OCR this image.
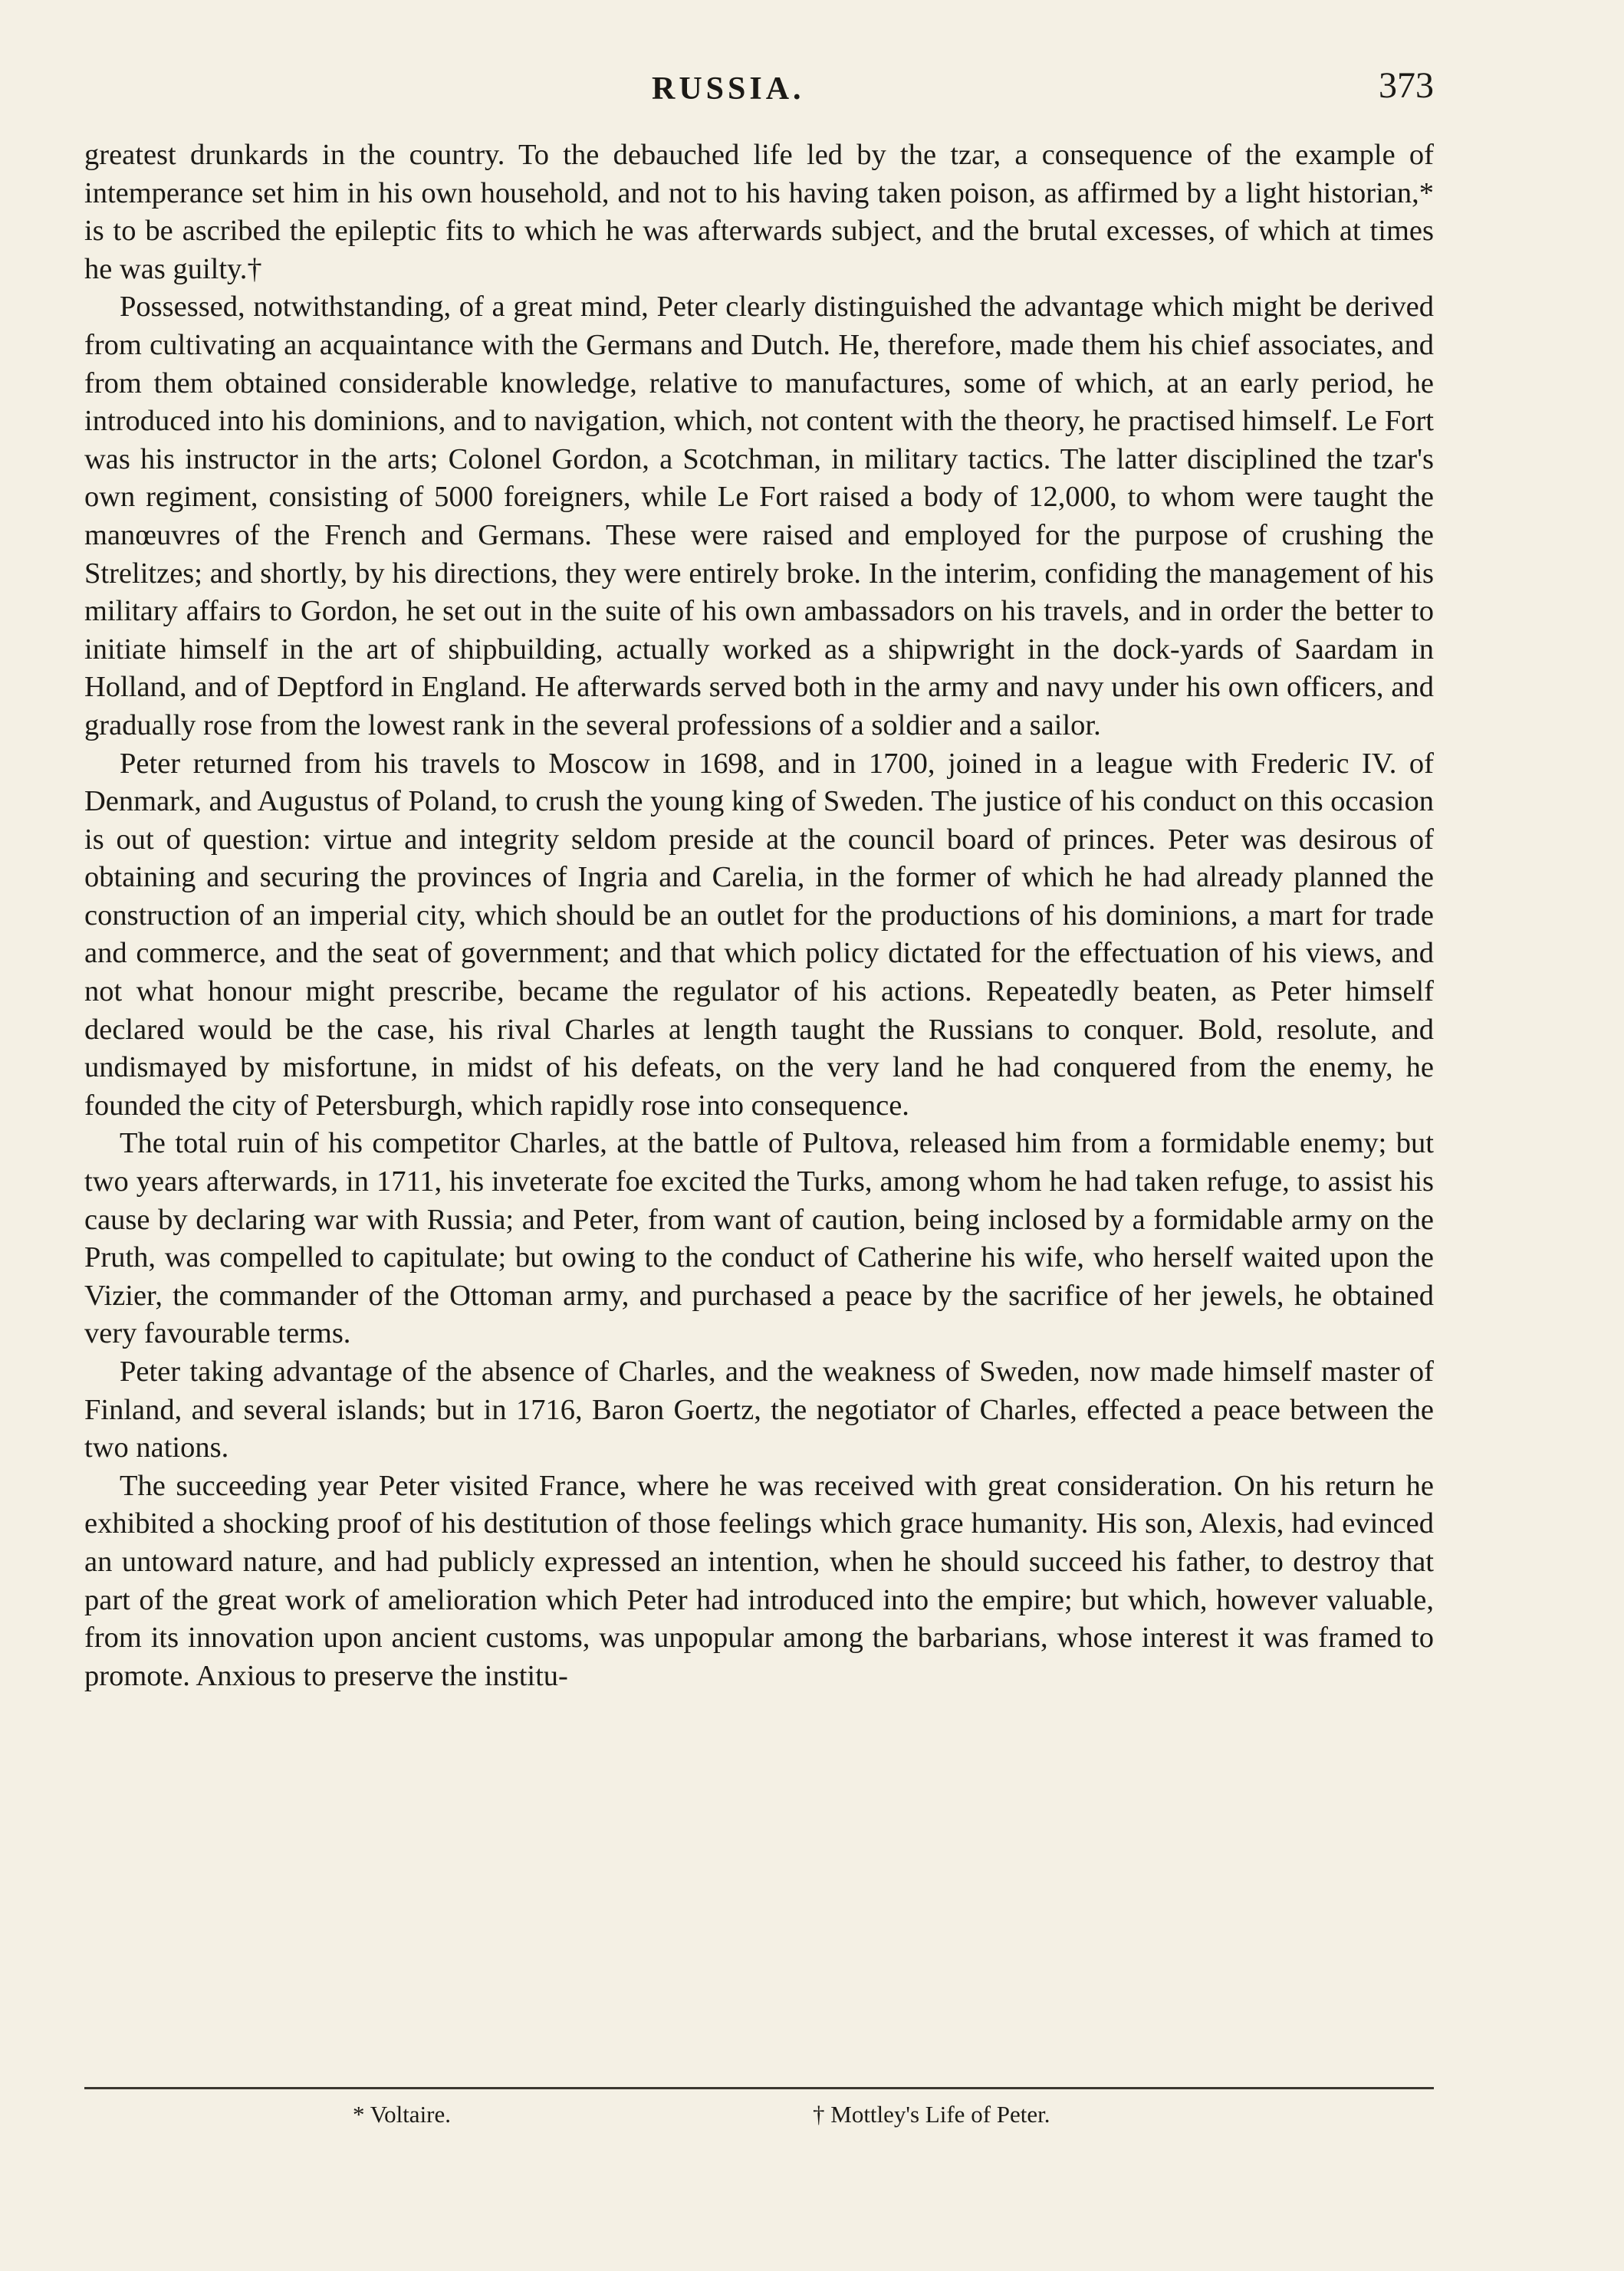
RUSSIA.	373

greatest drunkards in the country. To the debauched life led by the tzar, a consequence of the example of intemperance set him in his own household, and not to his having taken poison, as affirmed by a light historian,* is to be ascribed the epileptic fits to which he was afterwards subject, and the brutal excesses, of which at times he was guilty.†

Possessed, notwithstanding, of a great mind, Peter clearly distinguished the advantage which might be derived from cultivating an acquaintance with the Germans and Dutch. He, therefore, made them his chief associates, and from them obtained considerable knowledge, relative to manufactures, some of which, at an early period, he introduced into his dominions, and to navigation, which, not content with the theory, he practised himself. Le Fort was his instructor in the arts; Colonel Gordon, a Scotchman, in military tactics. The latter disciplined the tzar's own regiment, consisting of 5000 foreigners, while Le Fort raised a body of 12,000, to whom were taught the manœuvres of the French and Germans. These were raised and employed for the purpose of crushing the Strelitzes; and shortly, by his directions, they were entirely broke. In the interim, confiding the management of his military affairs to Gordon, he set out in the suite of his own ambassadors on his travels, and in order the better to initiate himself in the art of shipbuilding, actually worked as a shipwright in the dock-yards of Saardam in Holland, and of Deptford in England. He afterwards served both in the army and navy under his own officers, and gradually rose from the lowest rank in the several professions of a soldier and a sailor.

Peter returned from his travels to Moscow in 1698, and in 1700, joined in a league with Frederic IV. of Denmark, and Augustus of Poland, to crush the young king of Sweden. The justice of his conduct on this occasion is out of question: virtue and integrity seldom preside at the council board of princes. Peter was desirous of obtaining and securing the provinces of Ingria and Carelia, in the former of which he had already planned the construction of an imperial city, which should be an outlet for the productions of his dominions, a mart for trade and commerce, and the seat of government; and that which policy dictated for the effectuation of his views, and not what honour might prescribe, became the regulator of his actions. Repeatedly beaten, as Peter himself declared would be the case, his rival Charles at length taught the Russians to conquer. Bold, resolute, and undismayed by misfortune, in midst of his defeats, on the very land he had conquered from the enemy, he founded the city of Petersburgh, which rapidly rose into consequence.

The total ruin of his competitor Charles, at the battle of Pultova, released him from a formidable enemy; but two years afterwards, in 1711, his inveterate foe excited the Turks, among whom he had taken refuge, to assist his cause by declaring war with Russia; and Peter, from want of caution, being inclosed by a formidable army on the Pruth, was compelled to capitulate; but owing to the conduct of Catherine his wife, who herself waited upon the Vizier, the commander of the Ottoman army, and purchased a peace by the sacrifice of her jewels, he obtained very favourable terms.

Peter taking advantage of the absence of Charles, and the weakness of Sweden, now made himself master of Finland, and several islands; but in 1716, Baron Goertz, the negotiator of Charles, effected a peace between the two nations.

The succeeding year Peter visited France, where he was received with great consideration. On his return he exhibited a shocking proof of his destitution of those feelings which grace humanity. His son, Alexis, had evinced an untoward nature, and had publicly expressed an intention, when he should succeed his father, to destroy that part of the great work of amelioration which Peter had introduced into the empire; but which, however valuable, from its innovation upon ancient customs, was unpopular among the barbarians, whose interest it was framed to promote. Anxious to preserve the institu-

* Voltaire.	† Mottley's Life of Peter.
